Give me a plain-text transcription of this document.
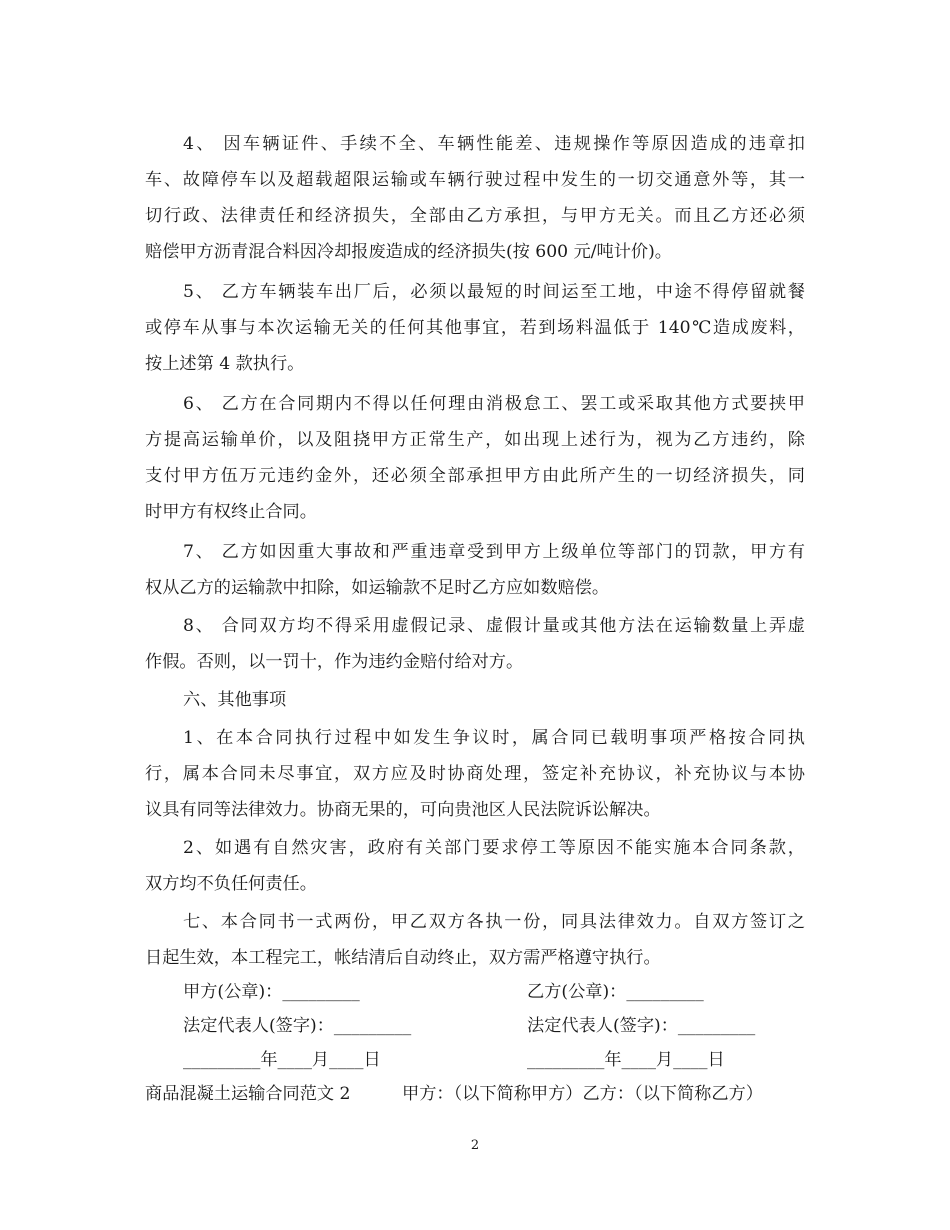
4、 因车辆证件、手续不全、车辆性能差、违规操作等原因造成的违章扣
车、故障停车以及超载超限运输或车辆行驶过程中发生的一切交通意外等，其一
切行政、法律责任和经济损失，全部由乙方承担，与甲方无关。而且乙方还必须
赔偿甲方沥青混合料因冷却报废造成的经济损失(按 600 元/吨计价)。
5、 乙方车辆装车出厂后，必须以最短的时间运至工地，中途不得停留就餐
或停车从事与本次运输无关的任何其他事宜，若到场料温低于 140℃造成废料，
按上述第 4 款执行。
6、 乙方在合同期内不得以任何理由消极怠工、罢工或采取其他方式要挟甲
方提高运输单价，以及阻挠甲方正常生产，如出现上述行为，视为乙方违约，除
支付甲方伍万元违约金外，还必须全部承担甲方由此所产生的一切经济损失，同
时甲方有权终止合同。
7、 乙方如因重大事故和严重违章受到甲方上级单位等部门的罚款，甲方有
权从乙方的运输款中扣除，如运输款不足时乙方应如数赔偿。
8、 合同双方均不得采用虚假记录、虚假计量或其他方法在运输数量上弄虚
作假。否则，以一罚十，作为违约金赔付给对方。
六、其他事项
1、在本合同执行过程中如发生争议时，属合同已载明事项严格按合同执
行，属本合同未尽事宜，双方应及时协商处理，签定补充协议，补充协议与本协
议具有同等法律效力。协商无果的，可向贵池区人民法院诉讼解决。
2、如遇有自然灾害，政府有关部门要求停工等原因不能实施本合同条款，
双方均不负任何责任。
七、本合同书一式两份，甲乙双方各执一份，同具法律效力。自双方签订之
日起生效，本工程完工，帐结清后自动终止，双方需严格遵守执行。
甲方(公章)：_________	乙方(公章)：_________
法定代表人(签字)：_________	法定代表人(签字)：_________
_________年____月____日	_________年____月____日
商品混凝土运输合同范文 2	甲方：（以下简称甲方）乙方：（以下简称乙方）
2
